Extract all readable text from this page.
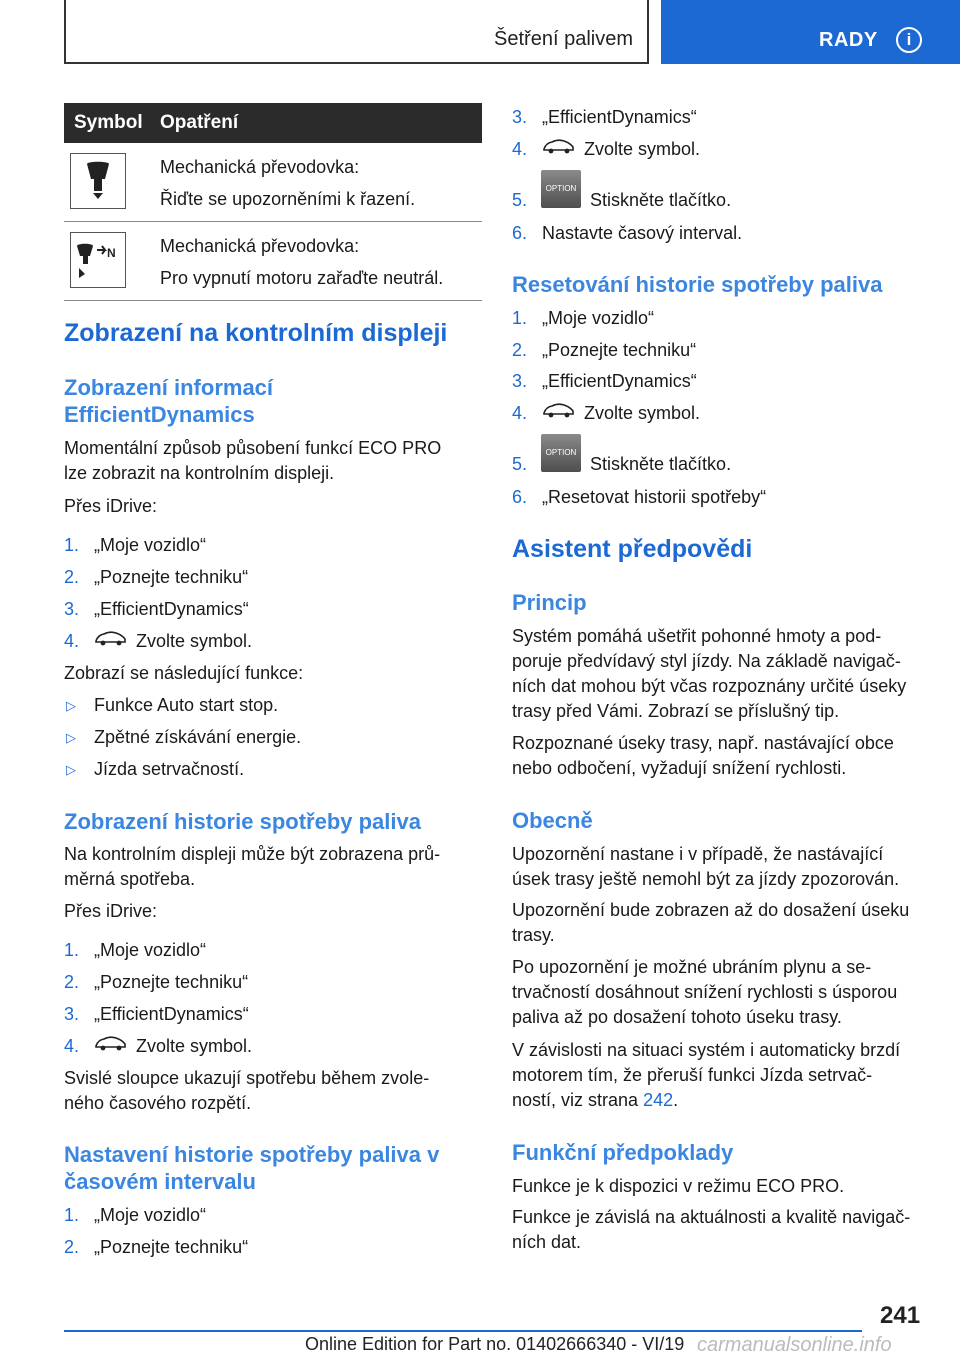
Šetření palivem	RADY	i
Symbol	Opatření

Mechanická převodovka:
Řiďte se upozorněními k řazení.

N	Mechanická převodovka:
Pro vypnutí motoru zařaďte neutrál.
Zobrazení na kontrolním displeji
Zobrazení informací
EfficientDynamics
Momentální způsob působení funkcí ECO PRO
lze zobrazit na kontrolním displeji.
Přes iDrive:
1. „Moje vozidlo“
2. „Poznejte techniku“
3. „EfficientDynamics“
4.	Zvolte symbol.
Zobrazí se následující funkce:
▷ Funkce Auto start stop.
▷ Zpětné získávání energie.
▷ Jízda setrvačností.
Zobrazení historie spotřeby paliva
Na kontrolním displeji může být zobrazena prů‐
měrná spotřeba.
Přes iDrive:
1. „Moje vozidlo“
2. „Poznejte techniku“
3. „EfficientDynamics“
4.	Zvolte symbol.
Svislé sloupce ukazují spotřebu během zvole‐
ného časového rozpětí.
Nastavení historie spotřeby paliva v
časovém intervalu
1. „Moje vozidlo“
2. „Poznejte techniku“
3. „EfficientDynamics“
4.	Zvolte symbol.
5.
OPTION
Stiskněte tlačítko.
6. Nastavte časový interval.
Resetování historie spotřeby paliva
1. „Moje vozidlo“
2. „Poznejte techniku“
3. „EfficientDynamics“
4.	Zvolte symbol.
5.
OPTION
Stiskněte tlačítko.
6. „Resetovat historii spotřeby“
Asistent předpovědi
Princip
Systém pomáhá ušetřit pohonné hmoty a pod‐
poruje předvídavý styl jízdy. Na základě navigač‐
ních dat mohou být včas rozpoznány určité úseky
trasy před Vámi. Zobrazí se příslušný tip.
Rozpoznané úseky trasy, např. nastávající obce
nebo odbočení, vyžadují snížení rychlosti.
Obecně
Upozornění nastane i v případě, že nastávající
úsek trasy ještě nemohl být za jízdy zpozorován.
Upozornění bude zobrazen až do dosažení úseku
trasy.
Po upozornění je možné ubráním plynu a se‐
trvačností dosáhnout snížení rychlosti s úsporou
paliva až po dosažení tohoto úseku trasy.
V závislosti na situaci systém i automaticky brzdí
motorem tím, že přeruší funkci Jízda setrvač‐
ností, viz strana 242.
Funkční předpoklady
Funkce je k dispozici v režimu ECO PRO.
Funkce je závislá na aktuálnosti a kvalitě navigač‐
ních dat.
241
Online Edition for Part no. 01402666340 - VI/19 carmanualsonline.info
